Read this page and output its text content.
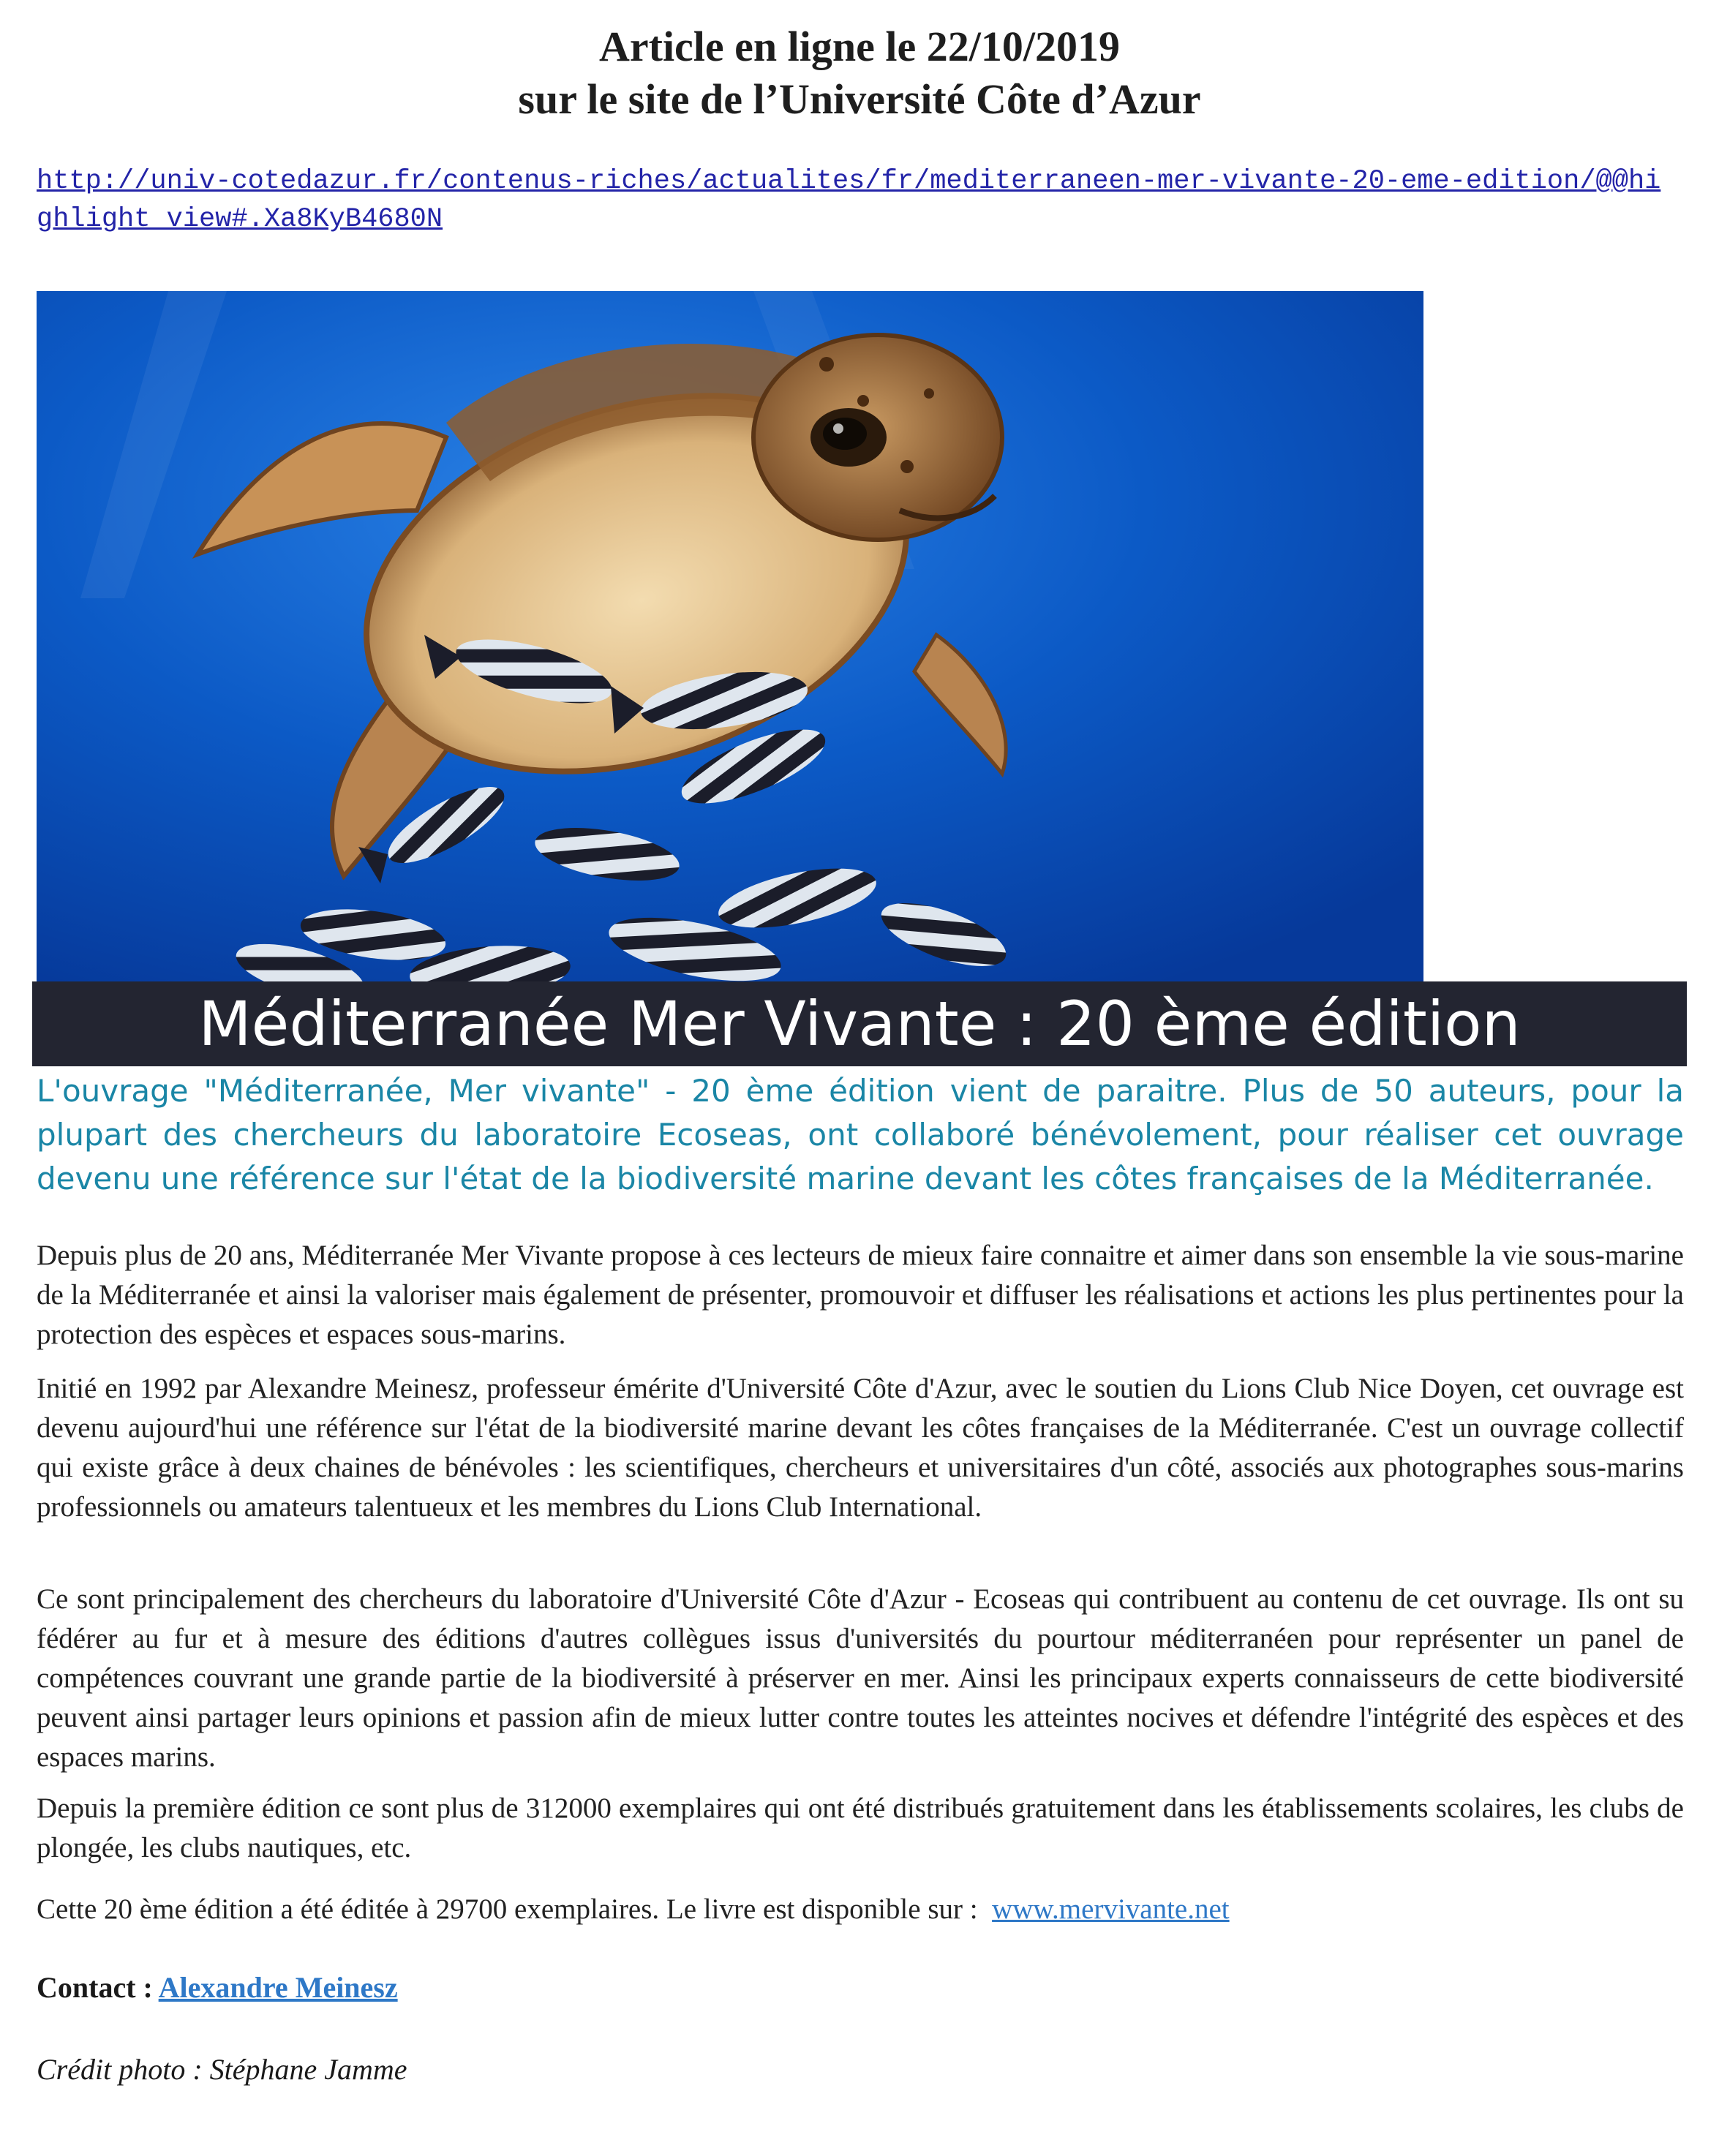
Article en ligne le 22/10/2019
sur le site de l’Université Côte d’Azur
http://univ-cotedazur.fr/contenus-riches/actualites/fr/mediterraneen-mer-vivante-20-eme-edition/@@highlight_view#.Xa8KyB4680N
Méditerranée Mer Vivante : 20 ème édition
L'ouvrage "Méditerranée, Mer vivante" - 20 ème édition vient de paraitre. Plus de 50 auteurs, pour la plupart des chercheurs du laboratoire Ecoseas, ont collaboré bénévolement, pour réaliser cet ouvrage devenu une référence sur l'état de la biodiversité marine devant les côtes françaises de la Méditerranée.
Depuis plus de 20 ans, Méditerranée Mer Vivante propose à ces lecteurs de mieux faire connaitre et aimer dans son ensemble la vie sous-marine de la Méditerranée et ainsi la valoriser mais également de présenter, promouvoir et diffuser les réalisations et actions les plus pertinentes pour la protection des espèces et espaces sous-marins.
Initié en 1992 par Alexandre Meinesz, professeur émérite d'Université Côte d'Azur, avec le soutien du Lions Club Nice Doyen, cet ouvrage est devenu aujourd'hui une référence sur l'état de la biodiversité marine devant les côtes françaises de la Méditerranée. C'est un ouvrage collectif qui existe grâce à deux chaines de bénévoles : les scientifiques, chercheurs et universitaires d'un côté, associés aux photographes sous-marins professionnels ou amateurs talentueux et les membres du Lions Club International.
Ce sont principalement des chercheurs du laboratoire d'Université Côte d'Azur - Ecoseas qui contribuent au contenu de cet ouvrage. Ils ont su fédérer au fur et à mesure des éditions d'autres collègues issus d'universités du pourtour méditerranéen pour représenter un panel de compétences couvrant une grande partie de la biodiversité à préserver en mer. Ainsi les principaux experts connaisseurs de cette biodiversité peuvent ainsi partager leurs opinions et passion afin de mieux lutter contre toutes les atteintes nocives et défendre l'intégrité des espèces et des espaces marins.
Depuis la première édition ce sont plus de 312000 exemplaires qui ont été distribués gratuitement dans les établissements scolaires, les clubs de plongée, les clubs nautiques, etc.
Cette 20 ème édition a été éditée à 29700 exemplaires. Le livre est disponible sur : www.mervivante.net
Contact : Alexandre Meinesz
Crédit photo : Stéphane Jamme
